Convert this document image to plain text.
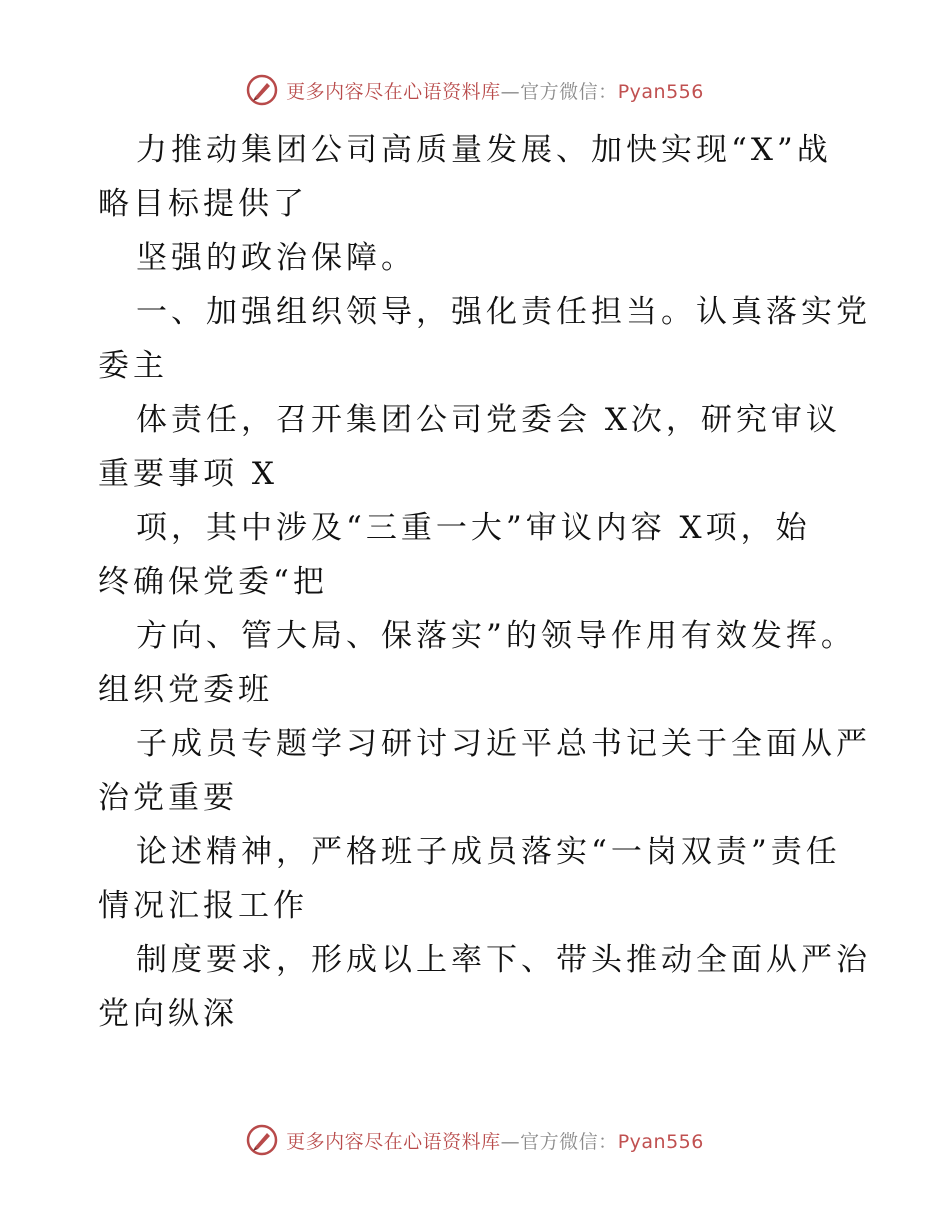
更多内容尽在心语资料库—官方微信：Pyan556
力推动集团公司高质量发展、加快实现“X”战
略目标提供了
坚强的政治保障。
一、加强组织领导，强化责任担当。认真落实党
委主
体责任，召开集团公司党委会 X次，研究审议
重要事项 X
项，其中涉及“三重一大”审议内容 X项，始
终确保党委“把
方向、管大局、保落实”的领导作用有效发挥。
组织党委班
子成员专题学习研讨习近平总书记关于全面从严
治党重要
论述精神，严格班子成员落实“一岗双责”责任
情况汇报工作
制度要求，形成以上率下、带头推动全面从严治
党向纵深
更多内容尽在心语资料库—官方微信：Pyan556
